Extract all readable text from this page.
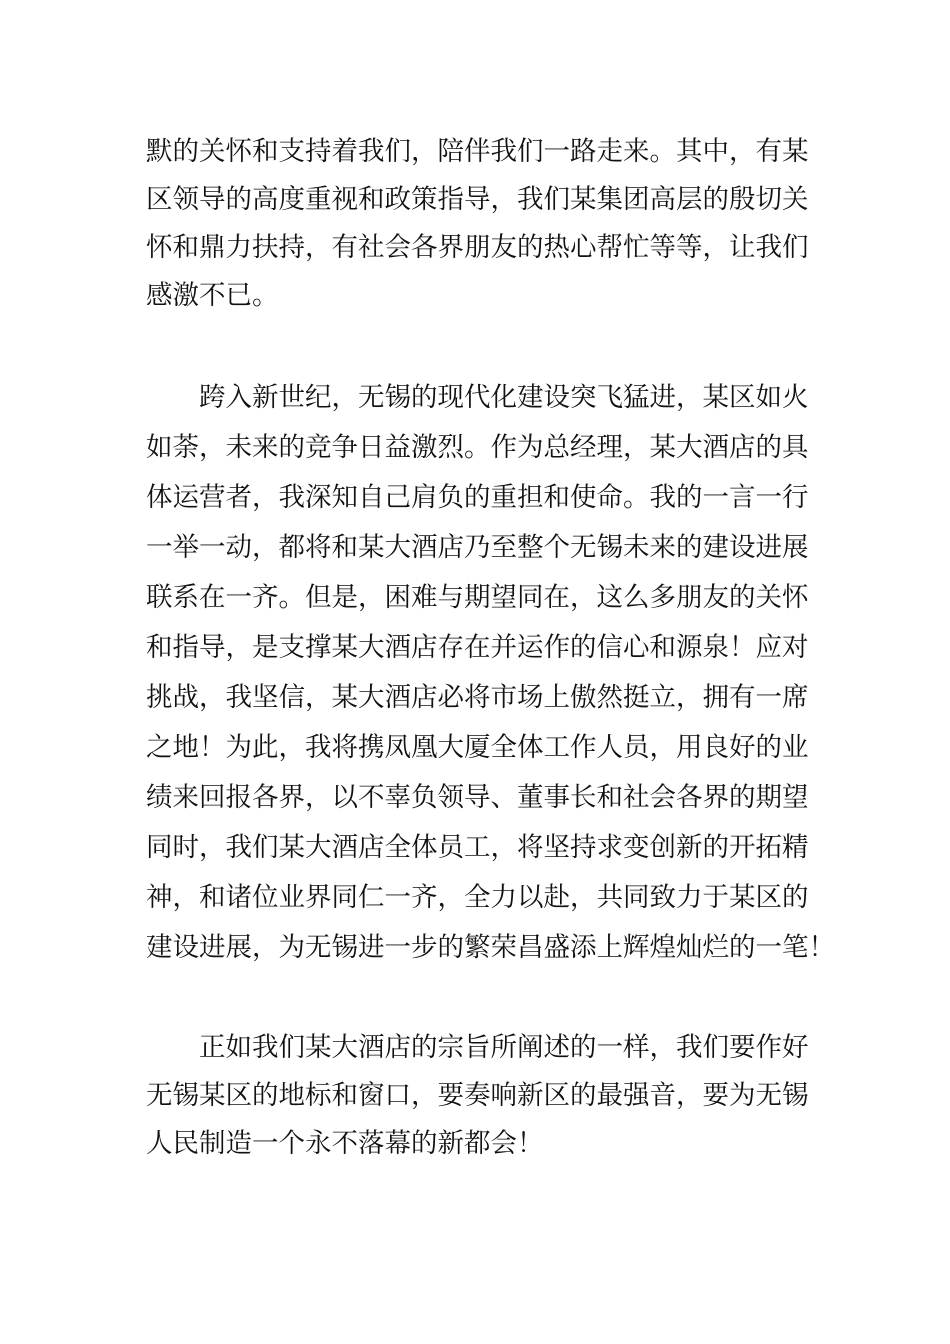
默的关怀和支持着我们，陪伴我们一路走来。其中，有某
区领导的高度重视和政策指导，我们某集团高层的殷切关
怀和鼎力扶持，有社会各界朋友的热心帮忙等等，让我们
感激不已。
跨入新世纪，无锡的现代化建设突飞猛进，某区如火
如荼，未来的竞争日益激烈。作为总经理，某大酒店的具
体运营者，我深知自己肩负的重担和使命。我的一言一行
一举一动，都将和某大酒店乃至整个无锡未来的建设进展
联系在一齐。但是，困难与期望同在，这么多朋友的关怀
和指导，是支撑某大酒店存在并运作的信心和源泉！应对
挑战，我坚信，某大酒店必将市场上傲然挺立，拥有一席
之地！为此，我将携凤凰大厦全体工作人员，用良好的业
绩来回报各界，以不辜负领导、董事长和社会各界的期望
同时，我们某大酒店全体员工，将坚持求变创新的开拓精
神，和诸位业界同仁一齐，全力以赴，共同致力于某区的
建设进展，为无锡进一步的繁荣昌盛添上辉煌灿烂的一笔！
正如我们某大酒店的宗旨所阐述的一样，我们要作好
无锡某区的地标和窗口，要奏响新区的最强音，要为无锡
人民制造一个永不落幕的新都会！
